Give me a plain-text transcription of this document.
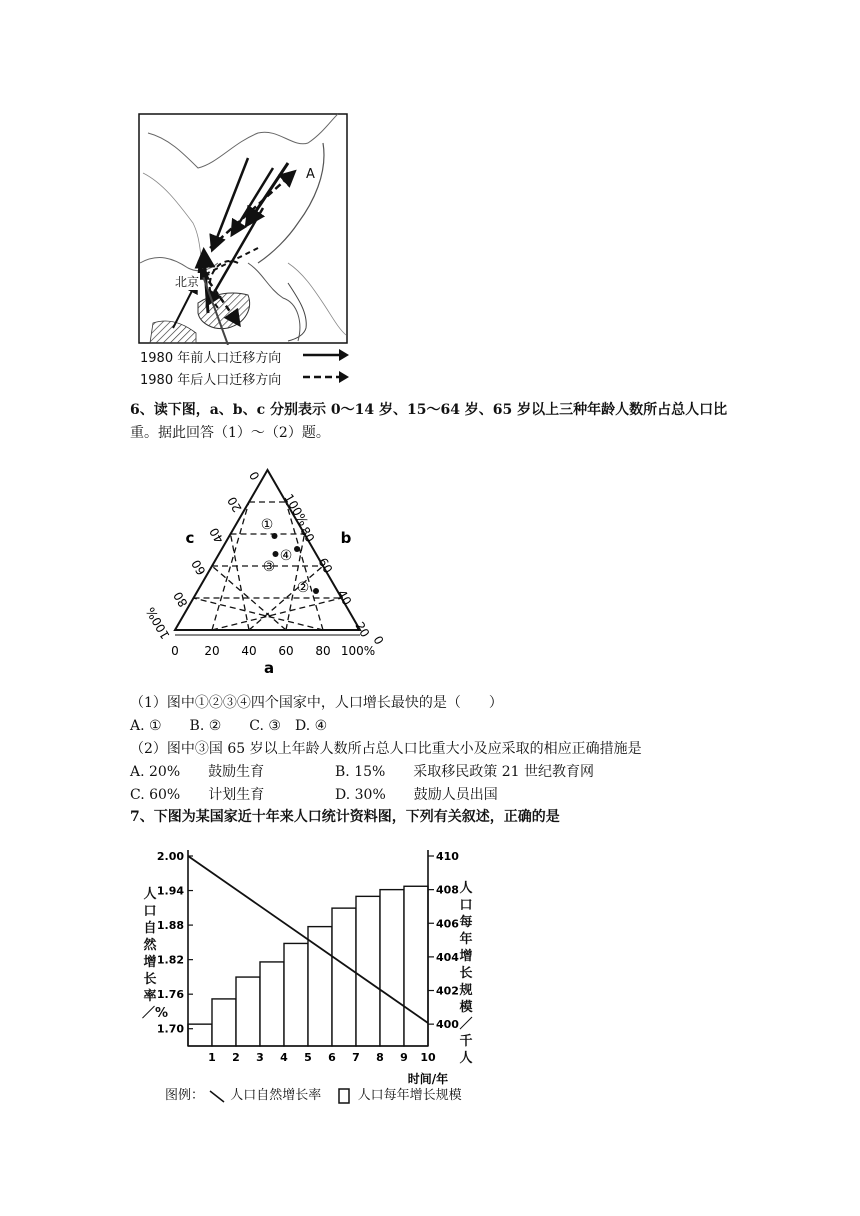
北京
A
1980 年前人口迁移方向
1980 年后人口迁移方向
6、读下图，a、b、c 分别表示 0～14 岁、15～64 岁、65 岁以上三种年龄人数所占总人口比
重。据此回答（1）～（2）题。
0 20 40 60 80 100%
100%
80
60
40
20
0
0
20
40
60
80
100%
a
b
c
①
④
③
②
（1）图中①②③④四个国家中，人口增长最快的是（　　）
A. ①　　B. ②　　C. ③　D. ④
（2）图中③国 65 岁以上年龄人数所占总人口比重大小及应采取的相应正确措施是
A. 20%　　鼓励生育	B. 15%　　采取移民政策 21 世纪教育网
C. 60%　　计划生育	D. 30%　　鼓励人员出国
7、下图为某国家近十年来人口统计资料图，下列有关叙述，正确的是
2.00
1.94
1.88
1.82
1.76
1.70
410
408
406
404
402
400
1 2 3 4 5 6 7 8 9 10
时间/年
人口自然增长率／%
人口每年增长规模／千人
图例： 人口自然增长率	人口每年增长规模
